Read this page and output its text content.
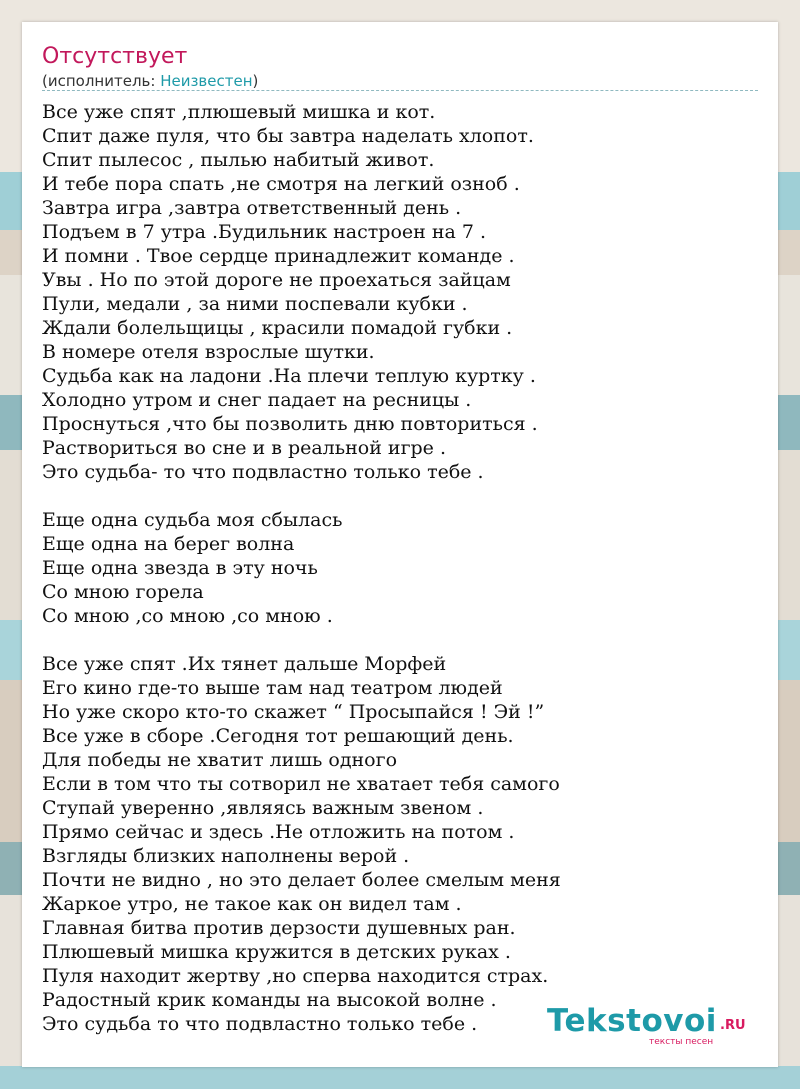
Отсутствует
(исполнитель: Неизвестен)
Все уже спят ,плюшевый мишка и кот.
Спит даже пуля, что бы завтра наделать хлопот.
Спит пылесос , пылью набитый живот.
И тебе пора спать ,не смотря на легкий озноб .
Завтра игра ,завтра ответственный день .
Подъем в 7 утра .Будильник настроен на 7 .
И помни . Твое сердце принадлежит команде .
Увы . Но по этой дороге не проехаться зайцам
Пули, медали , за ними поспевали кубки .
Ждали болельщицы , красили помадой губки .
В номере отеля взрослые шутки.
Судьба как на ладони .На плечи теплую куртку .
Холодно утром и снег падает на ресницы .
Проснуться ,что бы позволить дню повториться .
Раствориться во сне и в реальной игре .
Это судьба- то что подвластно только тебе .
Еще одна судьба моя сбылась
Еще одна на берег волна
Еще одна звезда в эту ночь
Со мною горела
Со мною ,со мною ,со мною .
Все уже спят .Их тянет дальше Морфей
Его кино где-то выше там над театром людей
Но уже скоро кто-то скажет “ Просыпайся ! Эй !”
Все уже в сборе .Сегодня тот решающий день.
Для победы не хватит лишь одного
Если в том что ты сотворил не хватает тебя самого
Ступай уверенно ,являясь важным звеном .
Прямо сейчас и здесь .Не отложить на потом .
Взгляды близких наполнены верой .
Почти не видно , но это делает более смелым меня
Жаркое утро, не такое как он видел там .
Главная битва против дерзости душевных ран.
Плюшевый мишка кружится в детских руках .
Пуля находит жертву ,но сперва находится страх.
Радостный крик команды на высокой волне .
Это судьба то что подвластно только тебе .	Tekstovoi .RU
тексты песен
